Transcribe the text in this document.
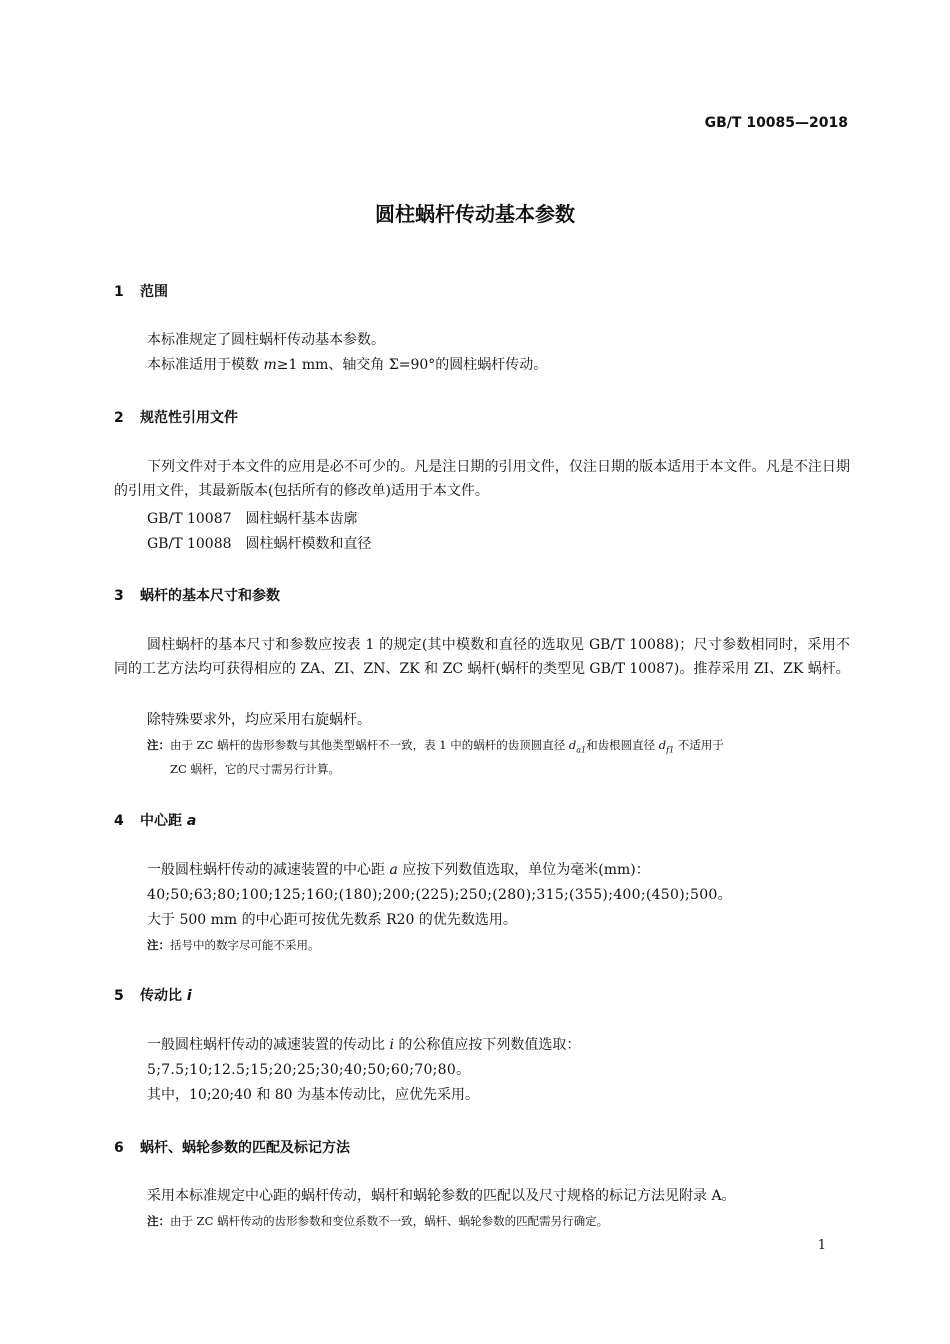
GB/T 10085—2018
圆柱蜗杆传动基本参数
1 范围
本标准规定了圆柱蜗杆传动基本参数。
本标准适用于模数 m≥1 mm、轴交角 Σ=90°的圆柱蜗杆传动。
2 规范性引用文件
下列文件对于本文件的应用是必不可少的。凡是注日期的引用文件，仅注日期的版本适用于本文件。凡是不注日期的引用文件，其最新版本(包括所有的修改单)适用于本文件。
GB/T 10087 圆柱蜗杆基本齿廓
GB/T 10088 圆柱蜗杆模数和直径
3 蜗杆的基本尺寸和参数
圆柱蜗杆的基本尺寸和参数应按表 1 的规定(其中模数和直径的选取见 GB/T 10088)；尺寸参数相同时，采用不同的工艺方法均可获得相应的 ZA、ZI、ZN、ZK 和 ZC 蜗杆(蜗杆的类型见 GB/T 10087)。推荐采用 ZI、ZK 蜗杆。
除特殊要求外，均应采用右旋蜗杆。
注：由于 ZC 蜗杆的齿形参数与其他类型蜗杆不一致，表 1 中的蜗杆的齿顶圆直径 $d_{a1}$和齿根圆直径 $d_{f1}$ 不适用于
ZC 蜗杆，它的尺寸需另行计算。
4 中心距 a
一般圆柱蜗杆传动的减速装置的中心距 a 应按下列数值选取，单位为毫米(mm)：
40;50;63;80;100;125;160;(180);200;(225);250;(280);315;(355);400;(450);500。
大于 500 mm 的中心距可按优先数系 R20 的优先数选用。
注：括号中的数字尽可能不采用。
5 传动比 i
一般圆柱蜗杆传动的减速装置的传动比 i 的公称值应按下列数值选取：
5;7.5;10;12.5;15;20;25;30;40;50;60;70;80。
其中，10;20;40 和 80 为基本传动比，应优先采用。
6 蜗杆、蜗轮参数的匹配及标记方法
采用本标准规定中心距的蜗杆传动，蜗杆和蜗轮参数的匹配以及尺寸规格的标记方法见附录 A。
注：由于 ZC 蜗杆传动的齿形参数和变位系数不一致，蜗杆、蜗轮参数的匹配需另行确定。
1
